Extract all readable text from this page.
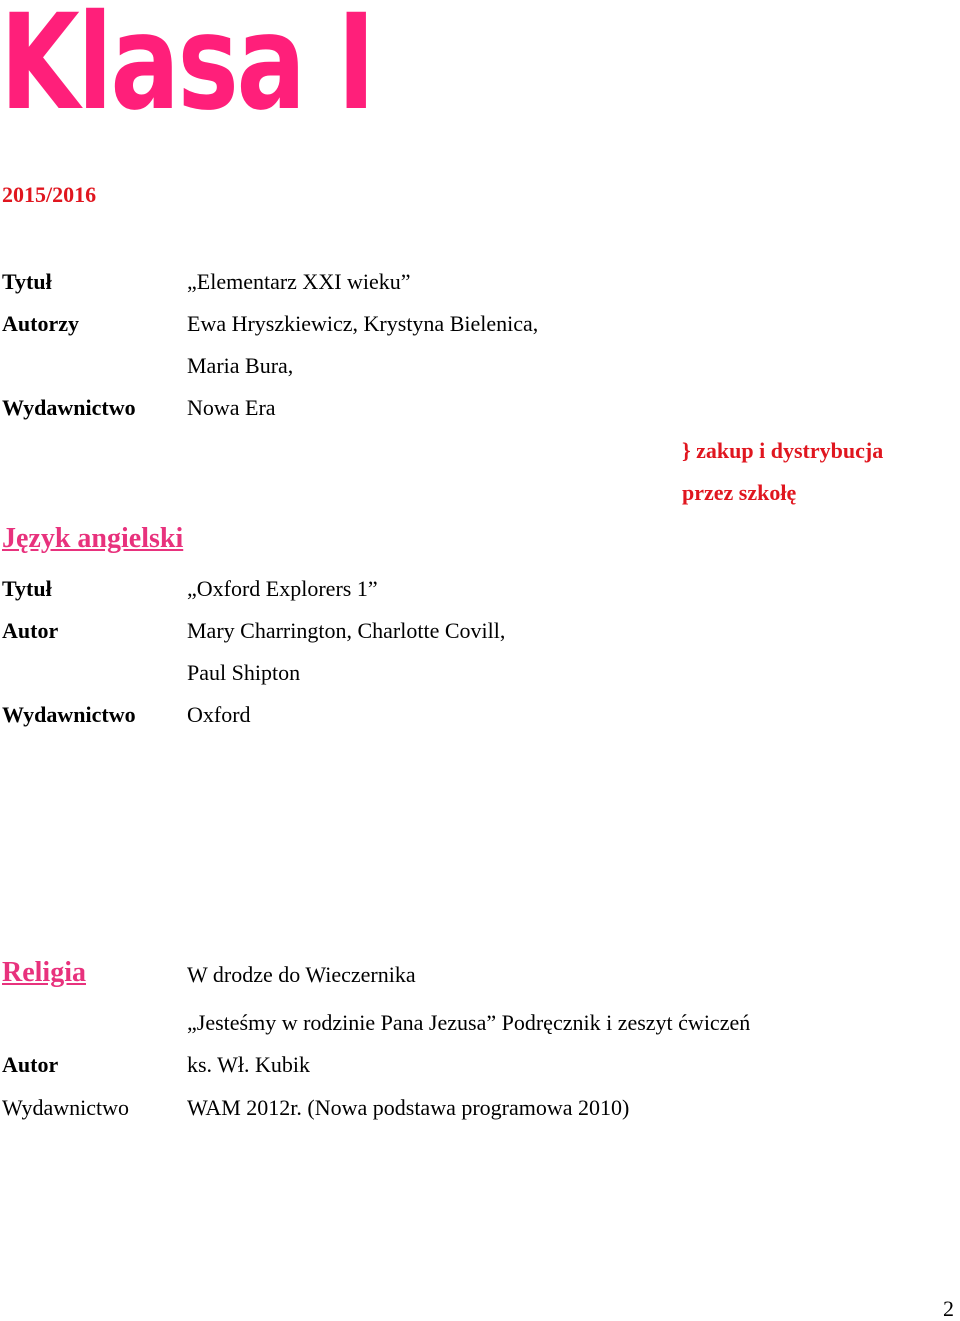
Klasa I
2015/2016
Tytuł	„Elementarz XXI wieku”
Autorzy	Ewa Hryszkiewicz, Krystyna Bielenica,
Maria Bura,
Wydawnictwo Nowa Era
} zakup i dystrybucja
przez szkołę
Język angielski
Tytuł	„Oxford Explorers 1”
Autor	Mary Charrington, Charlotte Covill,
Paul Shipton
Wydawnictwo Oxford
Religia	W drodze do Wieczernika
„Jesteśmy w rodzinie Pana Jezusa” Podręcznik i zeszyt ćwiczeń
Autor	ks. Wł. Kubik
Wydawnictwo	WAM 2012r. (Nowa podstawa programowa 2010)
2
